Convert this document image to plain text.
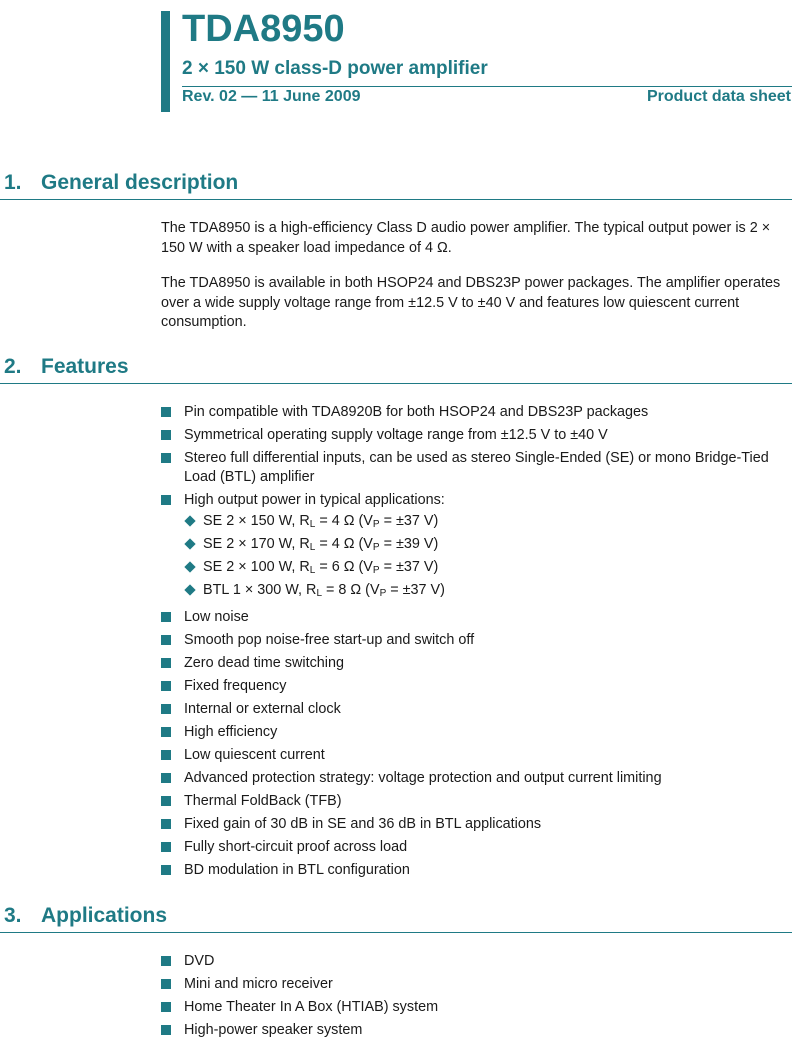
TDA8950
2 × 150 W class-D power amplifier
Rev. 02 — 11 June 2009	Product data sheet
1. General description

The TDA8950 is a high-efficiency Class D audio power amplifier. The typical output power is 2 × 150 W with a speaker load impedance of 4 Ω.

The TDA8950 is available in both HSOP24 and DBS23P power packages. The amplifier operates over a wide supply voltage range from ±12.5 V to ±40 V and features low quiescent current consumption.

2. Features
Pin compatible with TDA8920B for both HSOP24 and DBS23P packages
Symmetrical operating supply voltage range from ±12.5 V to ±40 V
Stereo full differential inputs, can be used as stereo Single-Ended (SE) or mono Bridge-Tied Load (BTL) amplifier
High output power in typical applications:
SE 2 × 150 W, $R_L = 4$ Ω ($V_P = \pm 37$ V)
SE 2 × 170 W, $R_L = 4$ Ω ($V_P = \pm 39$ V)
SE 2 × 100 W, $R_L = 6$ Ω ($V_P = \pm 37$ V)
BTL 1 × 300 W, $R_L = 8$ Ω ($V_P = \pm 37$ V)
Low noise
Smooth pop noise-free start-up and switch off
Zero dead time switching
Fixed frequency
Internal or external clock
High efficiency
Low quiescent current
Advanced protection strategy: voltage protection and output current limiting
Thermal FoldBack (TFB)
Fixed gain of 30 dB in SE and 36 dB in BTL applications
Fully short-circuit proof across load
BD modulation in BTL configuration
3. Applications
DVD
Mini and micro receiver
Home Theater In A Box (HTIAB) system
High-power speaker system
